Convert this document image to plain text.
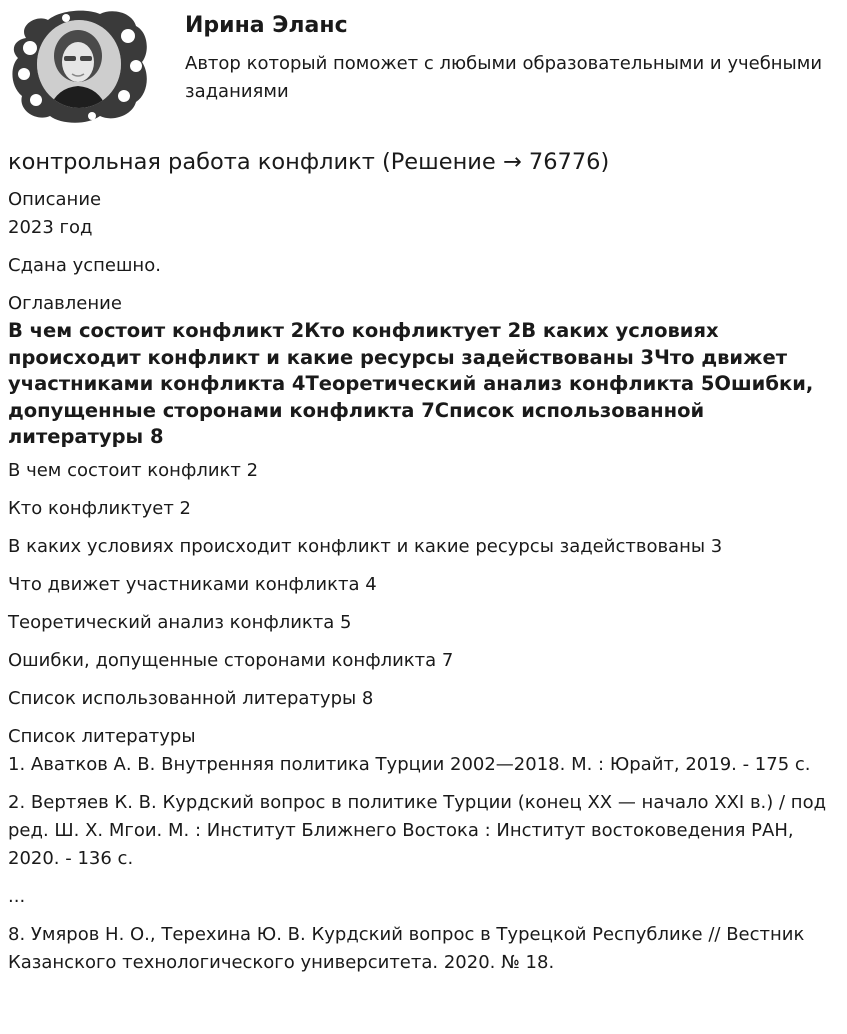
Ирина Эланс
Автор который поможет с любыми образовательными и учебными заданиями
контрольная работа конфликт (Решение → 76776)

Описание

2023 год

Сдана успешно.

Оглавление

В чем состоит конфликт 2Кто конфликтует 2В каких условиях происходит конфликт и какие ресурсы задействованы 3Что движет участниками конфликта 4Теоретический анализ конфликта 5Ошибки, допущенные сторонами конфликта 7Список использованной литературы 8

В чем состоит конфликт 2

Кто конфликтует 2

В каких условиях происходит конфликт и какие ресурсы задействованы 3

Что движет участниками конфликта 4

Теоретический анализ конфликта 5

Ошибки, допущенные сторонами конфликта 7

Список использованной литературы 8

Список литературы

1. Аватков А. В. Внутренняя политика Турции 2002—2018. М. : Юрайт, 2019. - 175 с.

2. Вертяев К. В. Курдский вопрос в политике Турции (конец XX — начало XXI в.) / под ред. Ш. Х. Мгои. М. : Институт Ближнего Востока : Институт востоковедения РАН, 2020. - 136 с.

...

8. Умяров Н. О., Терехина Ю. В. Курдский вопрос в Турецкой Республике // Вестник Казанского технологического университета. 2020. № 18.
